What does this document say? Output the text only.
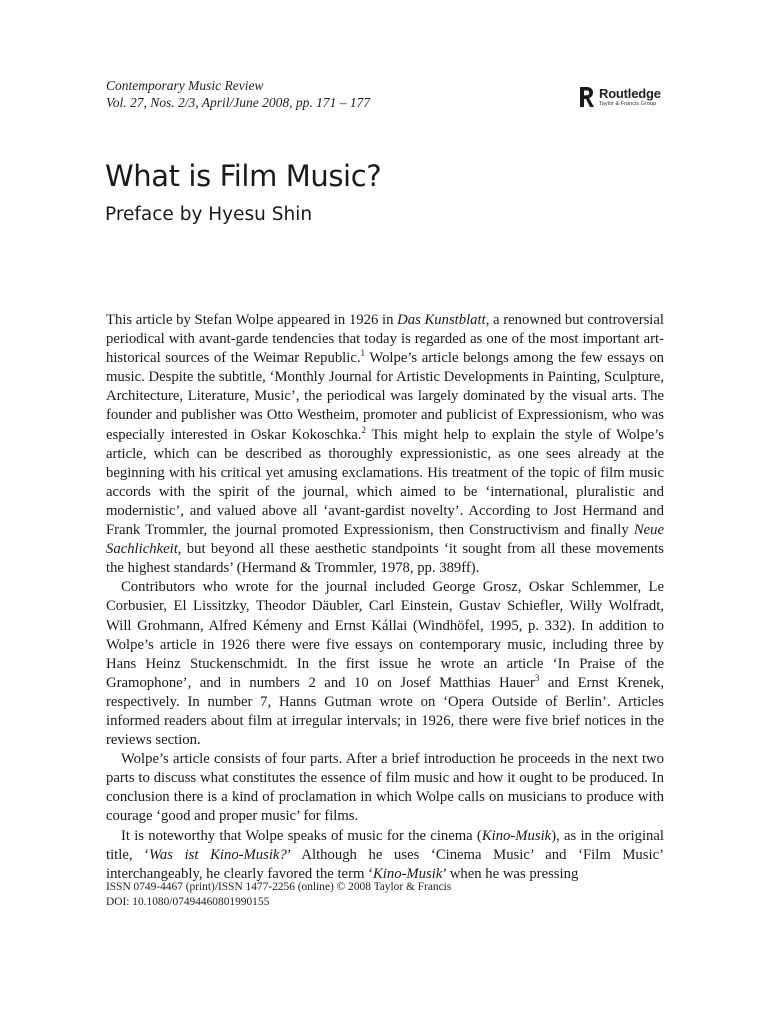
Contemporary Music Review
Vol. 27, Nos. 2/3, April/June 2008, pp. 171 – 177
Routledge
Taylor & Francis Group
What is Film Music?
Preface by Hyesu Shin

This article by Stefan Wolpe appeared in 1926 in Das Kunstblatt, a renowned but controversial periodical with avant-garde tendencies that today is regarded as one of the most important art-historical sources of the Weimar Republic.$^1$ Wolpe’s article belongs among the few essays on music. Despite the subtitle, ‘Monthly Journal for Artistic Developments in Painting, Sculpture, Architecture, Literature, Music’, the periodical was largely dominated by the visual arts. The founder and publisher was Otto Westheim, promoter and publicist of Expressionism, who was especially interested in Oskar Kokoschka.$^2$ This might help to explain the style of Wolpe’s article, which can be described as thoroughly expressionistic, as one sees already at the beginning with his critical yet amusing exclamations. His treatment of the topic of film music accords with the spirit of the journal, which aimed to be ‘international, pluralistic and modernistic’, and valued above all ‘avant-gardist novelty’. According to Jost Hermand and Frank Trommler, the journal promoted Expressionism, then Constructivism and finally Neue Sachlichkeit, but beyond all these aesthetic standpoints ‘it sought from all these movements the highest standards’ (Hermand & Trommler, 1978, pp. 389ff).

Contributors who wrote for the journal included George Grosz, Oskar Schlemmer, Le Corbusier, El Lissitzky, Theodor Däubler, Carl Einstein, Gustav Schiefler, Willy Wolfradt, Will Grohmann, Alfred Kémeny and Ernst Kállai (Windhöfel, 1995, p. 332). In addition to Wolpe’s article in 1926 there were five essays on contemporary music, including three by Hans Heinz Stuckenschmidt. In the first issue he wrote an article ‘In Praise of the Gramophone’, and in numbers 2 and 10 on Josef Matthias Hauer$^3$ and Ernst Krenek, respectively. In number 7, Hanns Gutman wrote on ‘Opera Outside of Berlin’. Articles informed readers about film at irregular intervals; in 1926, there were five brief notices in the reviews section.

Wolpe’s article consists of four parts. After a brief introduction he proceeds in the next two parts to discuss what constitutes the essence of film music and how it ought to be produced. In conclusion there is a kind of proclamation in which Wolpe calls on musicians to produce with courage ‘good and proper music’ for films.

It is noteworthy that Wolpe speaks of music for the cinema (Kino-Musik), as in the original title, ‘Was ist Kino-Musik?’ Although he uses ‘Cinema Music’ and ‘Film Music’ interchangeably, he clearly favored the term ‘Kino-Musik’ when he was pressing

ISSN 0749-4467 (print)/ISSN 1477-2256 (online) © 2008 Taylor & Francis
DOI: 10.1080/07494460801990155
